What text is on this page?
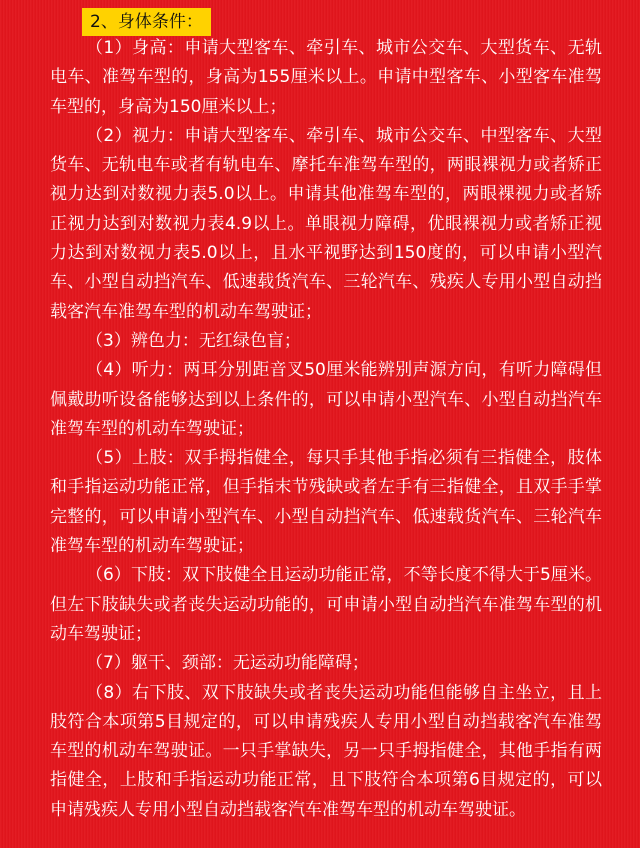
2、身体条件：

（1）身高：申请大型客车、牵引车、城市公交车、大型货车、无轨电车、准驾车型的，身高为155厘米以上。申请中型客车、小型客车准驾车型的，身高为150厘米以上；

（2）视力：申请大型客车、牵引车、城市公交车、中型客车、大型货车、无轨电车或者有轨电车、摩托车准驾车型的，两眼裸视力或者矫正视力达到对数视力表5.0以上。申请其他准驾车型的，两眼裸视力或者矫正视力达到对数视力表4.9以上。单眼视力障碍，优眼裸视力或者矫正视力达到对数视力表5.0以上，且水平视野达到150度的，可以申请小型汽车、小型自动挡汽车、低速载货汽车、三轮汽车、残疾人专用小型自动挡载客汽车准驾车型的机动车驾驶证；

（3）辨色力：无红绿色盲；

（4）听力：两耳分别距音叉50厘米能辨别声源方向，有听力障碍但佩戴助听设备能够达到以上条件的，可以申请小型汽车、小型自动挡汽车准驾车型的机动车驾驶证；

（5）上肢：双手拇指健全，每只手其他手指必须有三指健全，肢体和手指运动功能正常，但手指末节残缺或者左手有三指健全，且双手手掌完整的，可以申请小型汽车、小型自动挡汽车、低速载货汽车、三轮汽车准驾车型的机动车驾驶证；

（6）下肢：双下肢健全且运动功能正常，不等长度不得大于5厘米。但左下肢缺失或者丧失运动功能的，可申请小型自动挡汽车准驾车型的机动车驾驶证；

（7）躯干、颈部：无运动功能障碍；

（8）右下肢、双下肢缺失或者丧失运动功能但能够自主坐立，且上肢符合本项第5目规定的，可以申请残疾人专用小型自动挡载客汽车准驾车型的机动车驾驶证。一只手掌缺失，另一只手拇指健全，其他手指有两指健全，上肢和手指运动功能正常，且下肢符合本项第6目规定的，可以申请残疾人专用小型自动挡载客汽车准驾车型的机动车驾驶证。
